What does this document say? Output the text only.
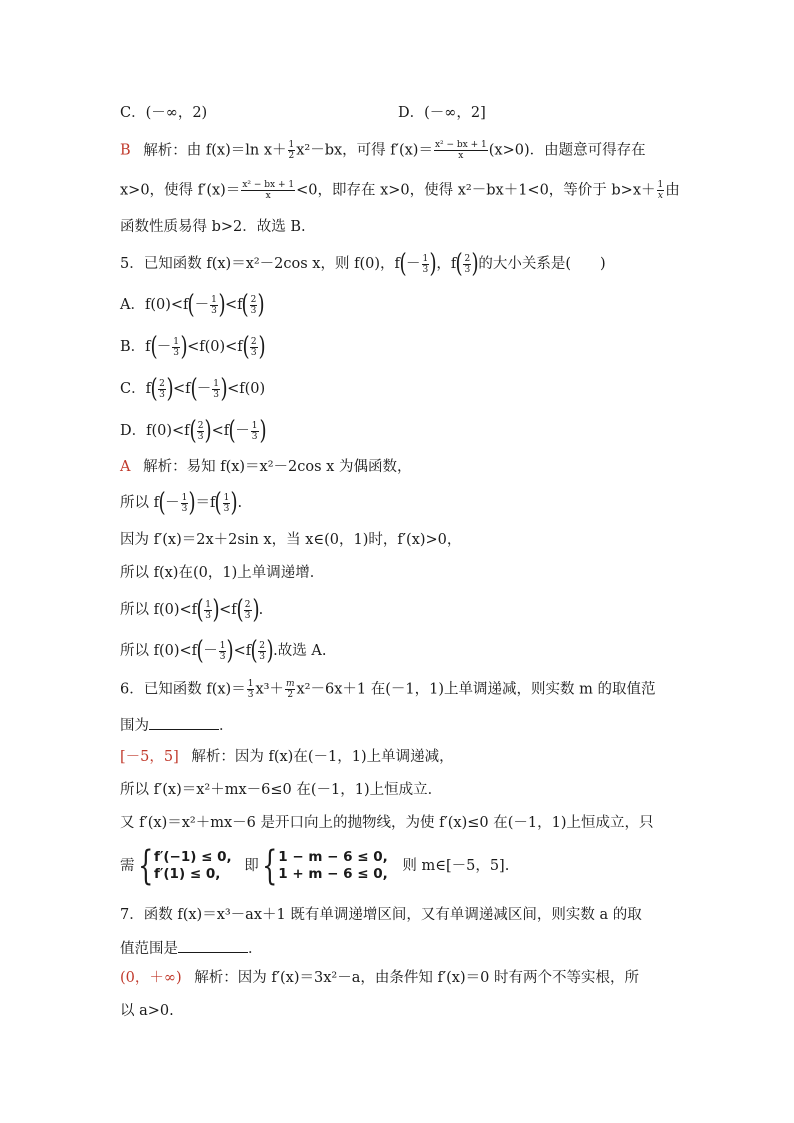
C．(－∞，2)	D．(－∞，2]
B 解析：由 f(x)＝ln $x+ \frac{1}{2} x^2-bx$，可得 $f'(x)= \frac{\text{x² − bx + 1}}{x} (x>0)$．由题意可得存在
x>0，使得 $f'(x)= \frac{\text{x² − bx + 1}}{x} <0$，即存在 x>0，使得 x²－bx＋1<0，等价于 $b>x+ \frac{1}{x}$ 由
函数性质易得 b>2．故选 B.
5．已知函数 f(x)＝x²－2cos x，则 f(0)，$f(- \frac{1}{3}$ )，$f( \frac{2}{3}$ )的大小关系是(　　)
A．$f(0)<f(- \frac{1}{3} )<f( \frac{2}{3}$ )
B．$f(- \frac{1}{3} )<f(0)<f( \frac{2}{3}$ )
C．$f( \frac{2}{3} )<f(- \frac{1}{3} )<f(0)$
D．$f(0)<f( \frac{2}{3} )<f(- \frac{1}{3}$ )
A 解析：易知 f(x)＝x²－2cos x 为偶函数，
所以 $f(- \frac{1}{3} )=f( \frac{1}{3}$ ).
因为 f′(x)＝2x＋2sin x，当 x∈(0，1)时，f′(x)>0，
所以 f(x)在(0，1)上单调递增．
所以 $f(0)<f( \frac{1}{3} )<f( \frac{2}{3}$ ).
所以 $f(0)<f(- \frac{1}{3} )<f( \frac{2}{3}$ ).故选 A.
6．已知函数 $f(x)= \frac{1}{3} x^3+ \frac{m}{2} x^2-6x+1$ 在(－1，1)上单调递减，则实数 m 的取值范
围为	．
[－5，5] 解析：因为 f(x)在(－1，1)上单调递减，
所以 f′(x)＝x²＋mx－6≤0 在(－1，1)上恒成立．
又 f′(x)＝x²＋mx－6 是开口向上的抛物线，为使 f′(x)≤0 在(－1，1)上恒成立，只
需{f′(−1) ≤ 0,
f′(1) ≤ 0, 即{1 − m − 6 ≤ 0,
1 + m − 6 ≤ 0, 则 m∈[－5，5].
7．函数 f(x)＝x³－ax＋1 既有单调递增区间，又有单调递减区间，则实数 a 的取
值范围是	．
(0，＋∞) 解析：因为 f′(x)＝3x²－a，由条件知 f′(x)＝0 时有两个不等实根，所
以 a>0.
